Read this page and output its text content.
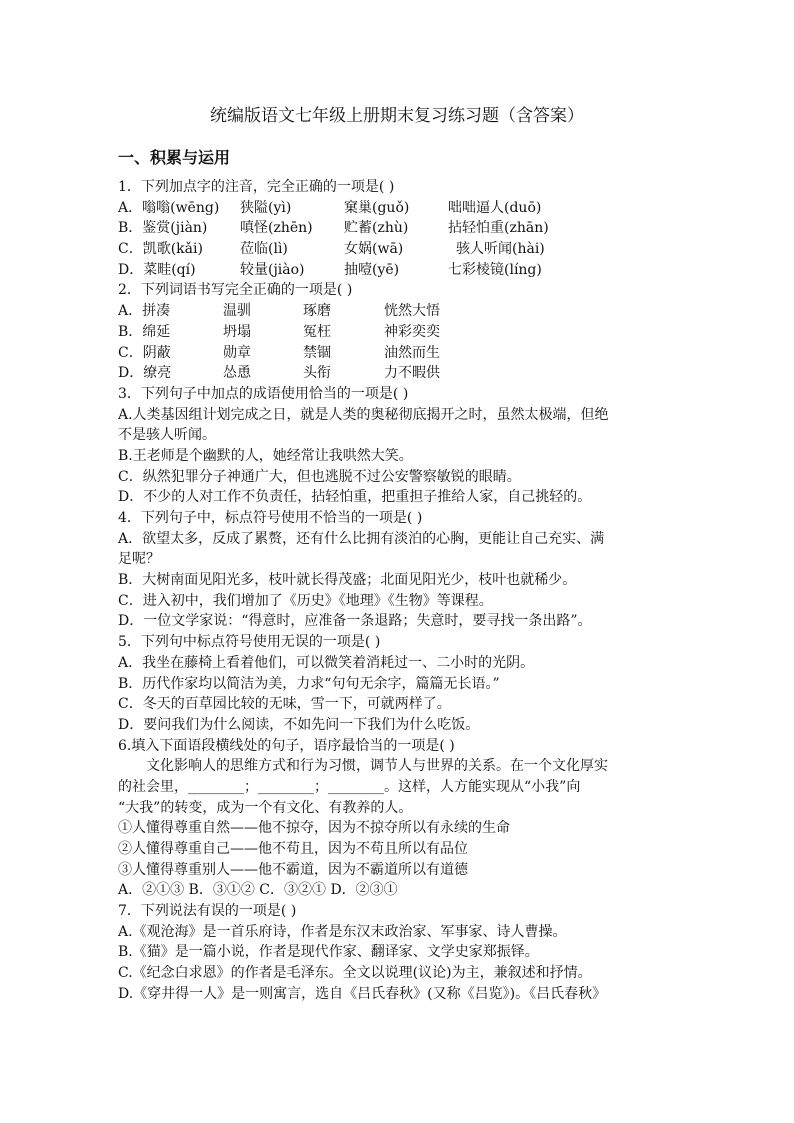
统编版语文七年级上册期末复习练习题（含答案）
一、积累与运用
1．下列加点字的注音，完全正确的一项是( )
A．嗡嗡(wēng) 狭隘(yì)	窠巢(guǒ)	咄咄逼人(duō)
B．鉴赏(jiàn) 嗔怪(zhēn) 贮蓄(zhù)	拈轻怕重(zhān)
C．凯歌(kǎi)	莅临(lì)	女娲(wā)	骇人听闻(hài)
D．菜畦(qí)	较量(jiào)	抽噎(yē)	七彩棱镜(líng)
2．下列词语书写完全正确的一项是( )
A．拼凑	温驯	琢磨	恍然大悟
B．绵延	坍塌	冤枉	神彩奕奕
C．阴蔽	勋章	禁锢	油然而生
D．缭亮	怂恿	头衔	力不暇供
3．下列句子中加点的成语使用恰当的一项是( )
A.人类基因组计划完成之日，就是人类的奥秘彻底揭开之时，虽然太极端，但绝
不是骇人听闻。
B.王老师是个幽默的人，她经常让我哄然大笑。
C．纵然犯罪分子神通广大，但也逃脱不过公安警察敏锐的眼睛。
D．不少的人对工作不负责任，拈轻怕重，把重担子推给人家，自己挑轻的。
4．下列句子中，标点符号使用不恰当的一项是( )
A．欲望太多，反成了累赘，还有什么比拥有淡泊的心胸，更能让自己充实、满
足呢？
B．大树南面见阳光多，枝叶就长得茂盛；北面见阳光少，枝叶也就稀少。
C．进入初中，我们增加了《历史》《地理》《生物》等课程。
D．一位文学家说：“得意时，应准备一条退路；失意时，要寻找一条出路”。
5．下列句中标点符号使用无误的一项是( )
A．我坐在藤椅上看着他们，可以微笑着消耗过一、二小时的光阴。
B．历代作家均以简洁为美，力求“句句无余字，篇篇无长语。”
C．冬天的百草园比较的无味，雪一下，可就两样了。
D．要问我们为什么阅读，不如先问一下我们为什么吃饭。
6.填入下面语段横线处的句子，语序最恰当的一项是( )
文化影响人的思维方式和行为习惯，调节人与世界的关系。在一个文化厚实
的社会里，________；________；________。这样，人方能实现从“小我”向
“大我”的转变，成为一个有文化、有教养的人。
①人懂得尊重自然——他不掠夺，因为不掠夺所以有永续的生命
②人懂得尊重自己——他不苟且，因为不苟且所以有品位
③人懂得尊重别人——他不霸道，因为不霸道所以有道德
A．②①③ B．③①② C．③②① D．②③①
7．下列说法有误的一项是( )
A.《观沧海》是一首乐府诗，作者是东汉末政治家、军事家、诗人曹操。
B.《猫》是一篇小说，作者是现代作家、翻译家、文学史家郑振铎。
C.《纪念白求恩》的作者是毛泽东。全文以说理(议论)为主，兼叙述和抒情。
D.《穿井得一人》是一则寓言，选自《吕氏春秋》(又称《吕览》)。《吕氏春秋》
